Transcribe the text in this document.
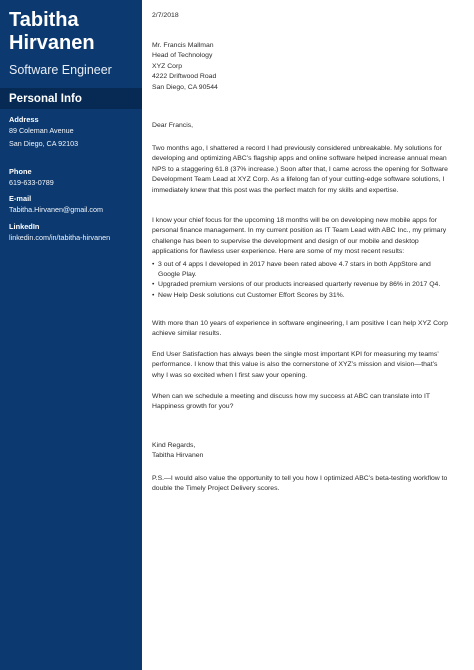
Tabitha
Hirvanen
Software Engineer
Personal Info
Address
89 Coleman Avenue
San Diego, CA 92103
Phone
619-633-0789
E-mail
Tabitha.Hirvanen@gmail.com
LinkedIn
linkedin.com/in/tabitha-hirvanen
2/7/2018
Mr. Francis Mallman
Head of Technology
XYZ Corp
4222 Driftwood Road
San Diego, CA 90544
Dear Francis,
Two months ago, I shattered a record I had previously considered unbreakable. My solutions for
developing and optimizing ABC’s flagship apps and online software helped increase annual mean
NPS to a staggering 61.8 (37% increase.) Soon after that, I came across the opening for Software
Development Team Lead at XYZ Corp. As a lifelong fan of your cutting-edge software solutions, I
immediately knew that this post was the perfect match for my skills and expertise.
I know your chief focus for the upcoming 18 months will be on developing new mobile apps for
personal finance management. In my current position as IT Team Lead with ABC Inc., my primary
challenge has been to supervise the development and design of our mobile and desktop
applications for flawless user experience. Here are some of my most recent results:
• 3 out of 4 apps I developed in 2017 have been rated above 4.7 stars in both AppStore and
Google Play.
• Upgraded premium versions of our products increased quarterly revenue by 86% in 2017 Q4.
• New Help Desk solutions cut Customer Effort Scores by 31%.
With more than 10 years of experience in software engineering, I am positive I can help XYZ Corp
achieve similar results.
End User Satisfaction has always been the single most important KPI for measuring my teams’
performance. I know that this value is also the cornerstone of XYZ’s mission and vision—that’s
why I was so excited when I first saw your opening.
When can we schedule a meeting and discuss how my success at ABC can translate into IT
Happiness growth for you?
Kind Regards,
Tabitha Hirvanen
P.S.—I would also value the opportunity to tell you how I optimized ABC’s beta-testing workflow to
double the Timely Project Delivery scores.
